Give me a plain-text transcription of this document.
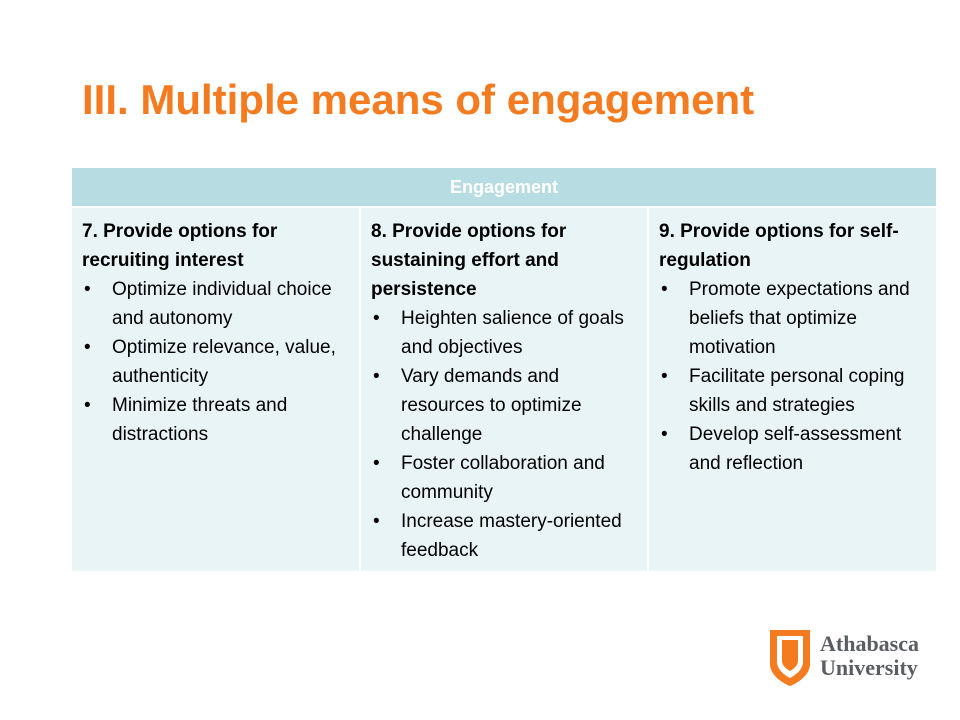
III. Multiple means of engagement
Engagement

7. Provide options for recruiting interest

• Optimize individual choice and autonomy
• Optimize relevance, value, authenticity
• Minimize threats and distractions

8. Provide options for sustaining effort and persistence

• Heighten salience of goals and objectives
• Vary demands and resources to optimize challenge
• Foster collaboration and community
• Increase mastery-oriented feedback

9. Provide options for self-regulation

• Promote expectations and beliefs that optimize motivation
• Facilitate personal coping skills and strategies
• Develop self-assessment and reflection
Athabasca
University
